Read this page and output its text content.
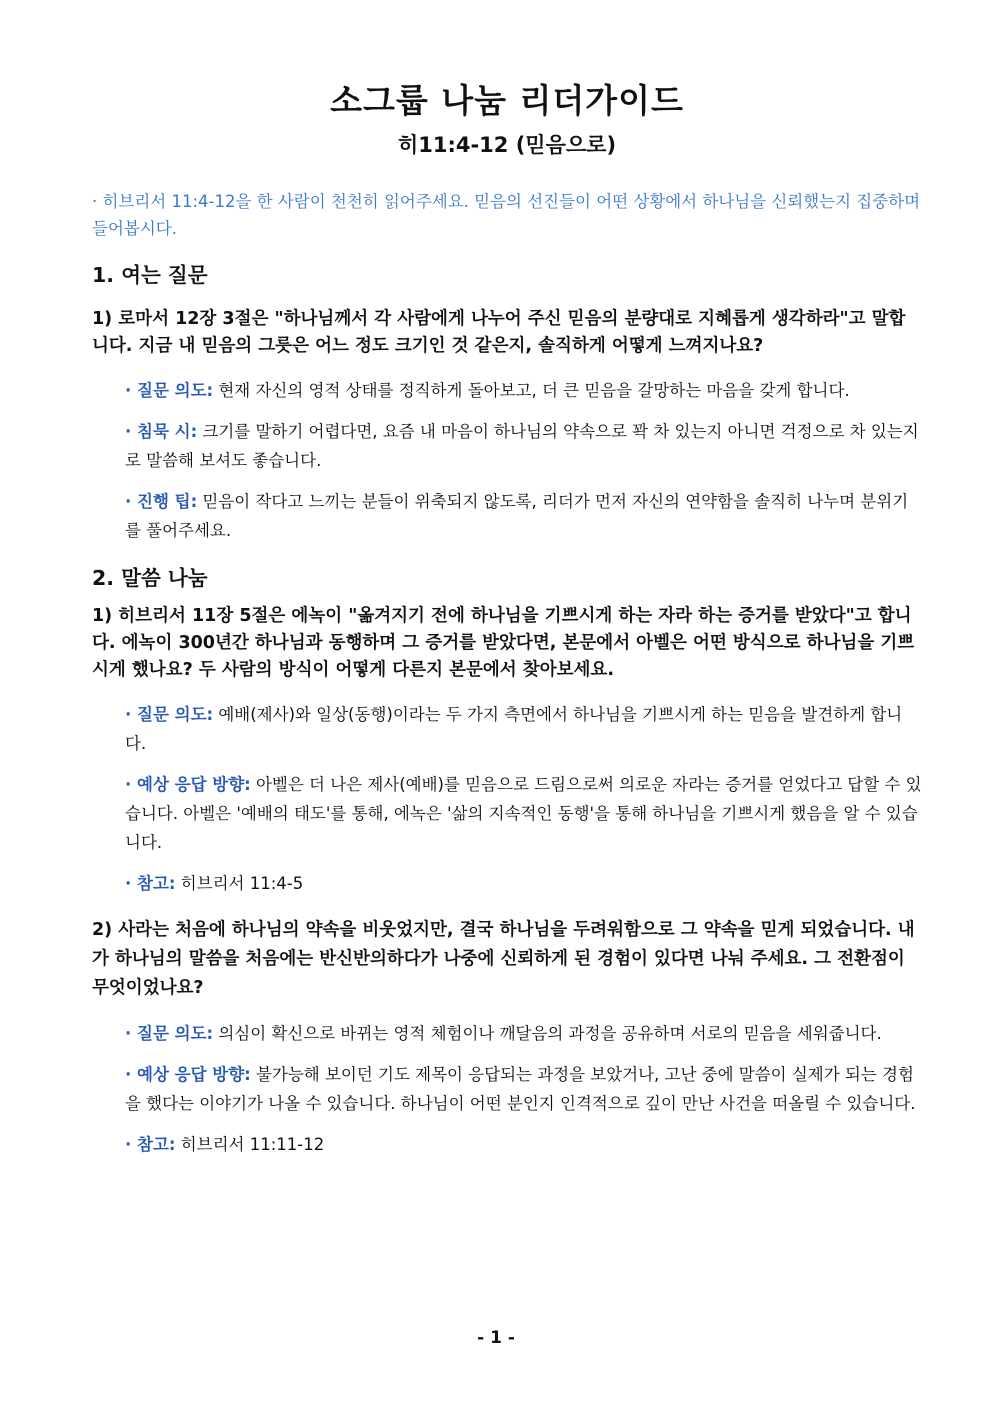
소그룹 나눔 리더가이드
히11:4-12 (믿음으로)

· 히브리서 11:4-12을 한 사람이 천천히 읽어주세요. 믿음의 선진들이 어떤 상황에서 하나님을 신뢰했는지 집중하며 들어봅시다.

1. 여는 질문

1) 로마서 12장 3절은 "하나님께서 각 사람에게 나누어 주신 믿음의 분량대로 지혜롭게 생각하라"고 말합니다. 지금 내 믿음의 그릇은 어느 정도 크기인 것 같은지, 솔직하게 어떻게 느껴지나요?

· 질문 의도: 현재 자신의 영적 상태를 정직하게 돌아보고, 더 큰 믿음을 갈망하는 마음을 갖게 합니다.

· 침묵 시: 크기를 말하기 어렵다면, 요즘 내 마음이 하나님의 약속으로 꽉 차 있는지 아니면 걱정으로 차 있는지로 말씀해 보셔도 좋습니다.

· 진행 팁: 믿음이 작다고 느끼는 분들이 위축되지 않도록, 리더가 먼저 자신의 연약함을 솔직히 나누며 분위기를 풀어주세요.

2. 말씀 나눔

1) 히브리서 11장 5절은 에녹이 "옮겨지기 전에 하나님을 기쁘시게 하는 자라 하는 증거를 받았다"고 합니다. 에녹이 300년간 하나님과 동행하며 그 증거를 받았다면, 본문에서 아벨은 어떤 방식으로 하나님을 기쁘시게 했나요? 두 사람의 방식이 어떻게 다른지 본문에서 찾아보세요.

· 질문 의도: 예배(제사)와 일상(동행)이라는 두 가지 측면에서 하나님을 기쁘시게 하는 믿음을 발견하게 합니다.

· 예상 응답 방향: 아벨은 더 나은 제사(예배)를 믿음으로 드림으로써 의로운 자라는 증거를 얻었다고 답할 수 있습니다. 아벨은 '예배의 태도'를 통해, 에녹은 '삶의 지속적인 동행'을 통해 하나님을 기쁘시게 했음을 알 수 있습니다.

· 참고: 히브리서 11:4-5

2) 사라는 처음에 하나님의 약속을 비웃었지만, 결국 하나님을 두려워함으로 그 약속을 믿게 되었습니다. 내가 하나님의 말씀을 처음에는 반신반의하다가 나중에 신뢰하게 된 경험이 있다면 나눠 주세요. 그 전환점이 무엇이었나요?

· 질문 의도: 의심이 확신으로 바뀌는 영적 체험이나 깨달음의 과정을 공유하며 서로의 믿음을 세워줍니다.

· 예상 응답 방향: 불가능해 보이던 기도 제목이 응답되는 과정을 보았거나, 고난 중에 말씀이 실제가 되는 경험을 했다는 이야기가 나올 수 있습니다. 하나님이 어떤 분인지 인격적으로 깊이 만난 사건을 떠올릴 수 있습니다.

· 참고: 히브리서 11:11-12

- 1 -
